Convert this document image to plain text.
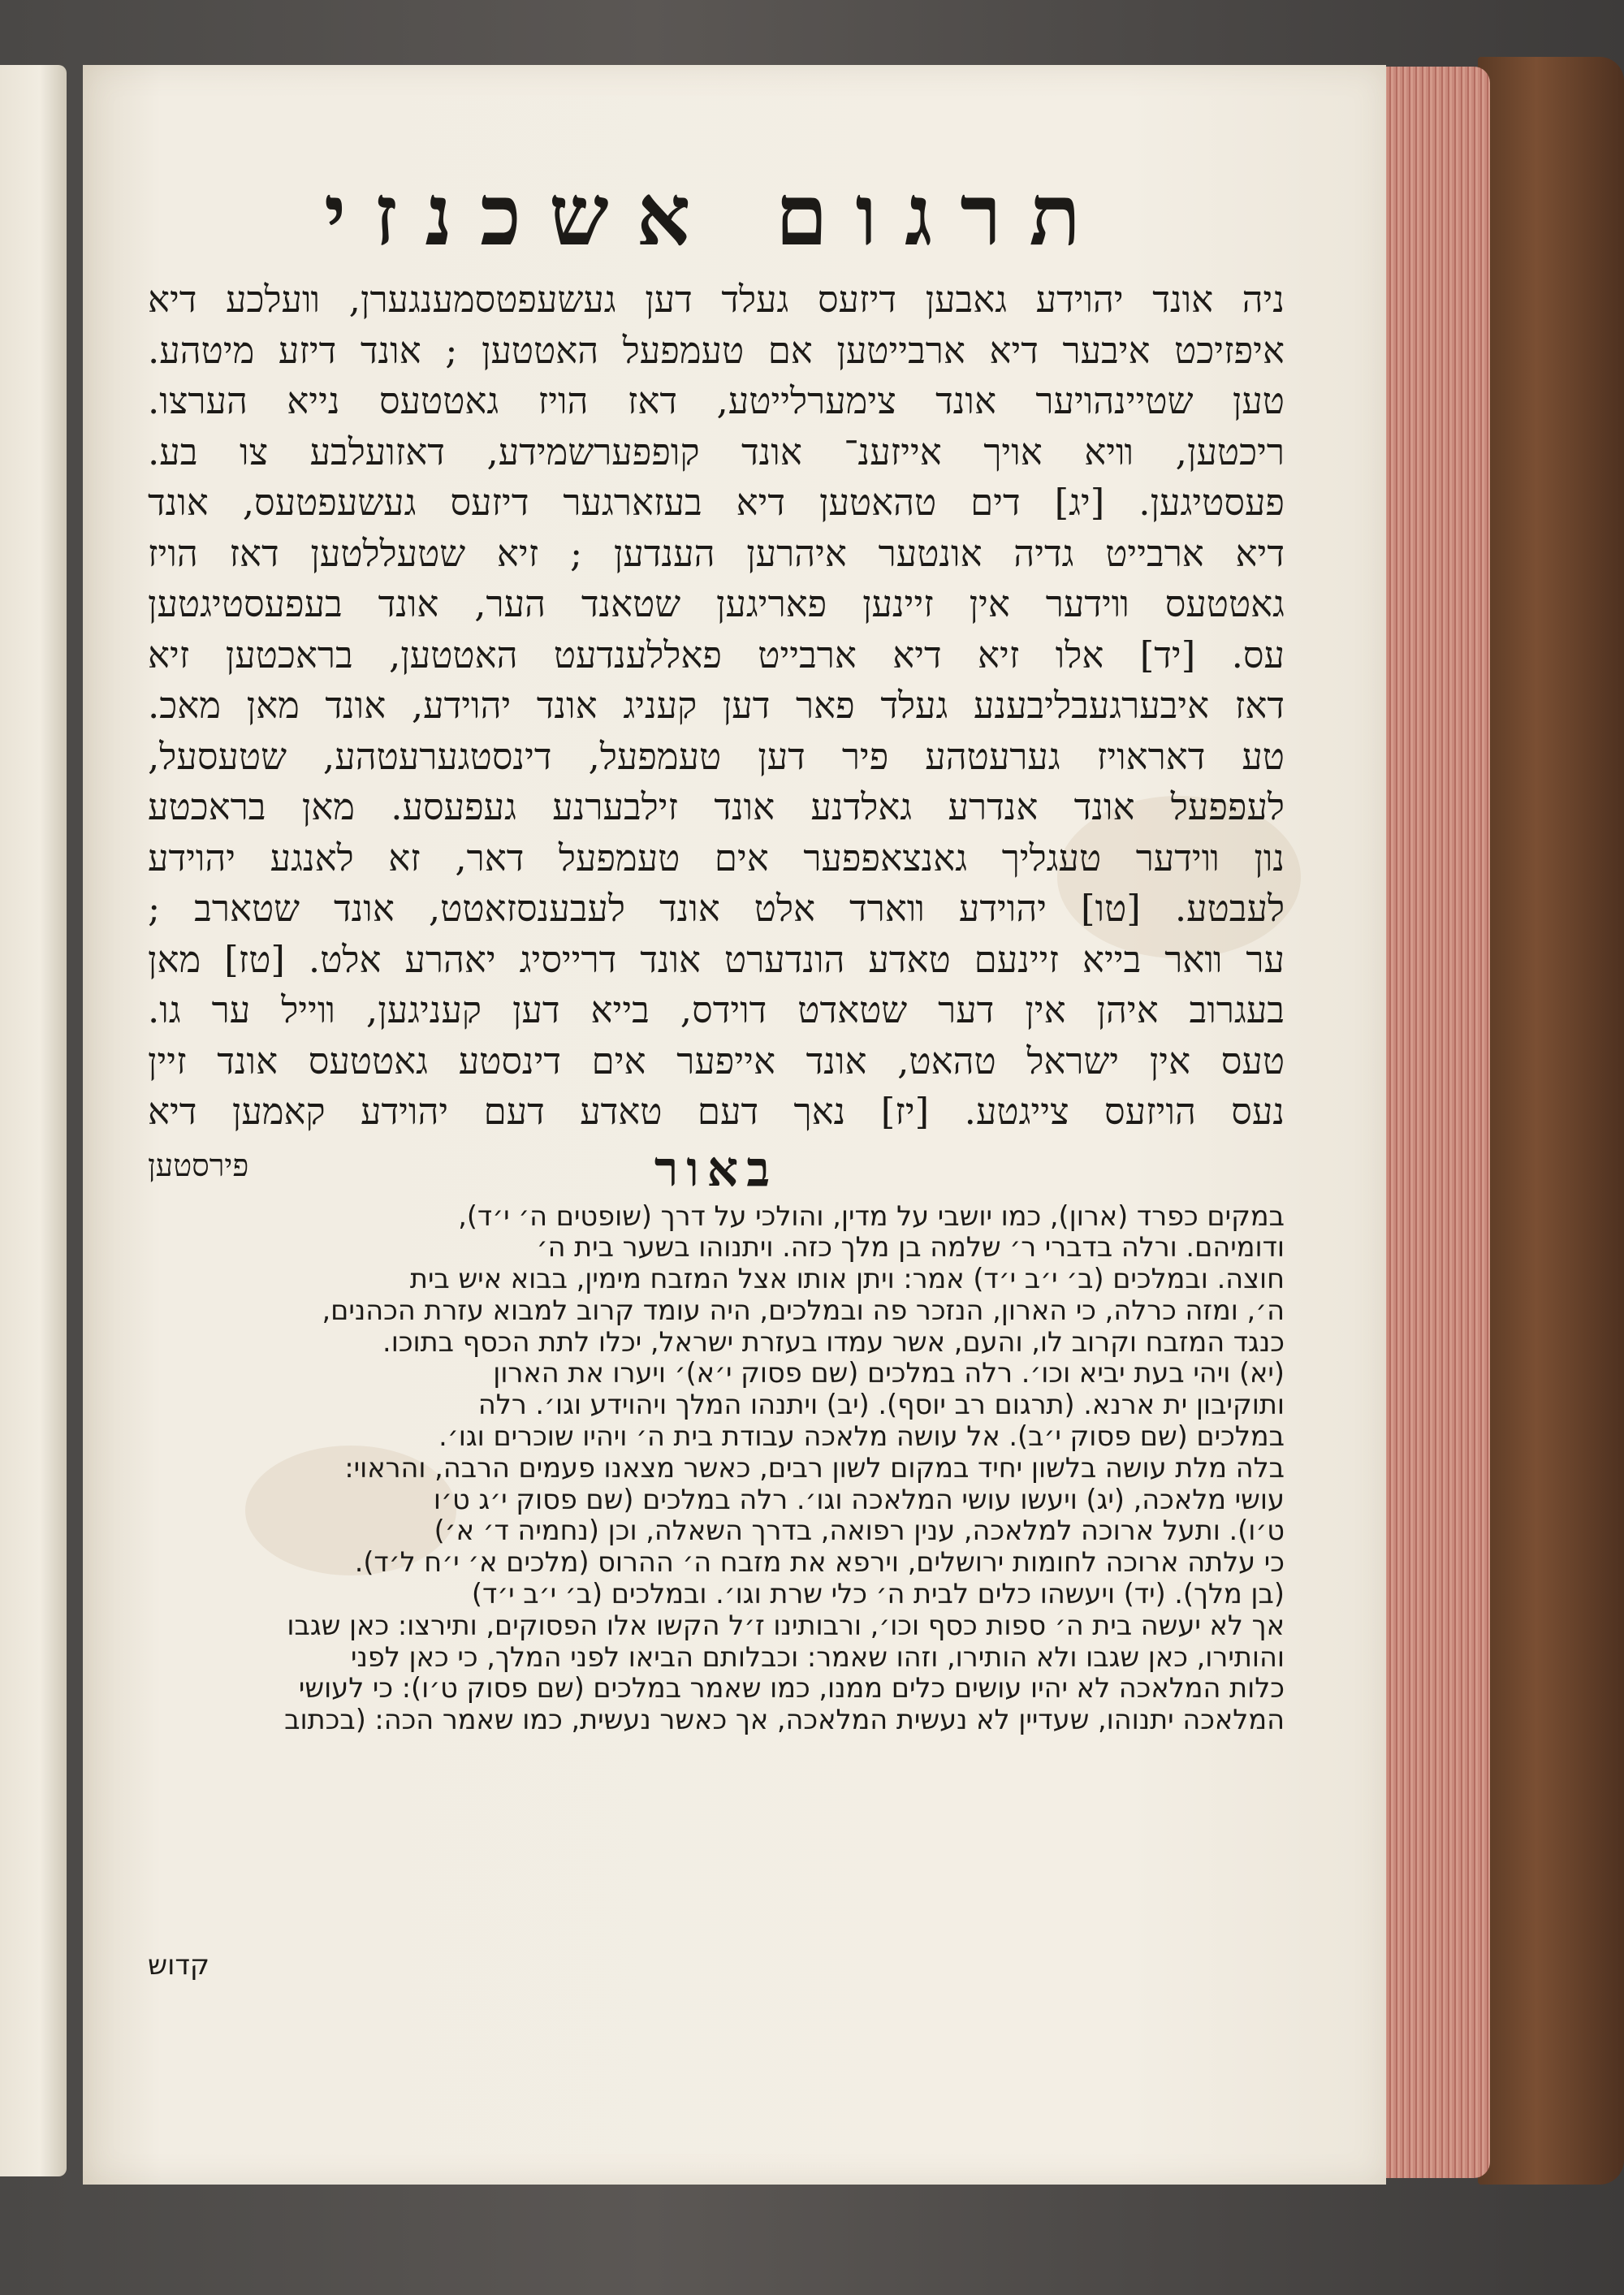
תרגום אשכנזי

ניה אונד יהוידע גאבען דיזעס געלד דען געשעפטסמענגערן, װעלכע דיא

איפזיכט איבער דיא ארבייטען אם טעמפעל האטטען ; אונד דיזע מיטהע.

טען שטיינהויער אונד צימערלייטע, דאז הויז גאטטעס נייא הערצו.

ריכטען, װיא אויך אייזענ־ אונד קופפערשמידע, דאזועלבע צו בע.

פעסטיגען. [יג] דים טהאטען דיא בעזארגער דיזעס געשעפטעס, אונד

דיא ארבייט גדיה אונטער איהרען הענדען ; זיא שטעללטען דאז הויז

גאטטעס װידער אין זיינען פאריגען שטאנד הער, אונד בעפעסטיגטען

עס. [יד] אלו זיא דיא ארבייט פאללענדעט האטטען, בראכטען זיא

דאז איבערגעבליבענע געלד פאר דען קעניג אונד יהוידע, אונד מאן מאכ.

טע דאראויז גערעטהע פיר דען טעמפעל, דינסטגערעטהע, שטעסעל,

לעפפעל אונד אנדרע גאלדנע אונד זילבערנע געפעסע. מאן בראכטע

נון װידער טעגליך גאנצאפפער אים טעמפעל דאר, זא לאנגע יהוידע

לעבטע. [טו] יהוידע װארד אלט אונד לעבענסזאטט, אונד שטארב ;

ער װאר בייא זיינעם טאדע הונדערט אונד דרייסיג יאהרע אלט. [טז] מאן

בעגרוב איהן אין דער שטאדט דוידס, בייא דען קעניגען, װייל ער גו.

טעס אין ישראל טהאט, אונד אייפער אים דינסטע גאטטעס אונד זיין

נעס הויזעס צייגטע. [יז] נאך דעם טאדע דעם יהוידע קאמען דיא

פירסטען	באור

במקים כפרד (ארון), כמו יושבי על מדין, והולכי על דרך (שופטים ה׳ י׳ד),

ודומיהם. ורלה בדברי ר׳ שלמה בן מלך כזה. ויתנוהו בשער בית ה׳

חוצה. ובמלכים (ב׳ י׳ב י׳ד) אמר: ויתן אותו אצל המזבח מימין, בבוא איש בית

ה׳, ומזה כרלה, כי הארון, הנזכר פה ובמלכים, היה עומד קרוב למבוא עזרת הכהנים,

כנגד המזבח וקרוב לו, והעם, אשר עמדו בעזרת ישראל, יכלו לתת הכסף בתוכו.

(יא) ויהי בעת יביא וכו׳. רלה במלכים (שם פסוק י׳א)׳ ויערו את הארון

ותוקיבון ית ארנא. (תרגום רב יוסף). (יב) ויתנהו המלך ויהוידע וגו׳. רלה

במלכים (שם פסוק י׳ב). אל עושה מלאכה עבודת בית ה׳ ויהיו שוכרים וגו׳.

בלה מלת עושה בלשון יחיד במקום לשון רבים, כאשר מצאנו פעמים הרבה, והראוי:

עושי מלאכה, (יג) ויעשו עושי המלאכה וגו׳. רלה במלכים (שם פסוק י׳ג ט׳ו

ט׳ו). ותעל ארוכה למלאכה, ענין רפואה, בדרך השאלה, וכן (נחמיה ד׳ א׳)

כי עלתה ארוכה לחומות ירושלים, וירפא את מזבח ה׳ ההרוס (מלכים א׳ י׳ח ל׳ד).

(בן מלך). (יד) ויעשהו כלים לבית ה׳ כלי שרת וגו׳. ובמלכים (ב׳ י׳ב י׳ד)

אך לא יעשה בית ה׳ ספות כסף וכו׳, ורבותינו ז׳ל הקשו אלו הפסוקים, ותירצו: כאן שגבו

והותירו, כאן שגבו ולא הותירו, וזהו שאמר: וכבלותם הביאו לפני המלך, כי כאן לפני

כלות המלאכה לא יהיו עושים כלים ממנו, כמו שאמר במלכים (שם פסוק ט׳ו): כי לעושי

המלאכה יתנוהו, שעדיין לא נעשית המלאכה, אך כאשר נעשית, כמו שאמר הכה: (בכתוב

קדוש
